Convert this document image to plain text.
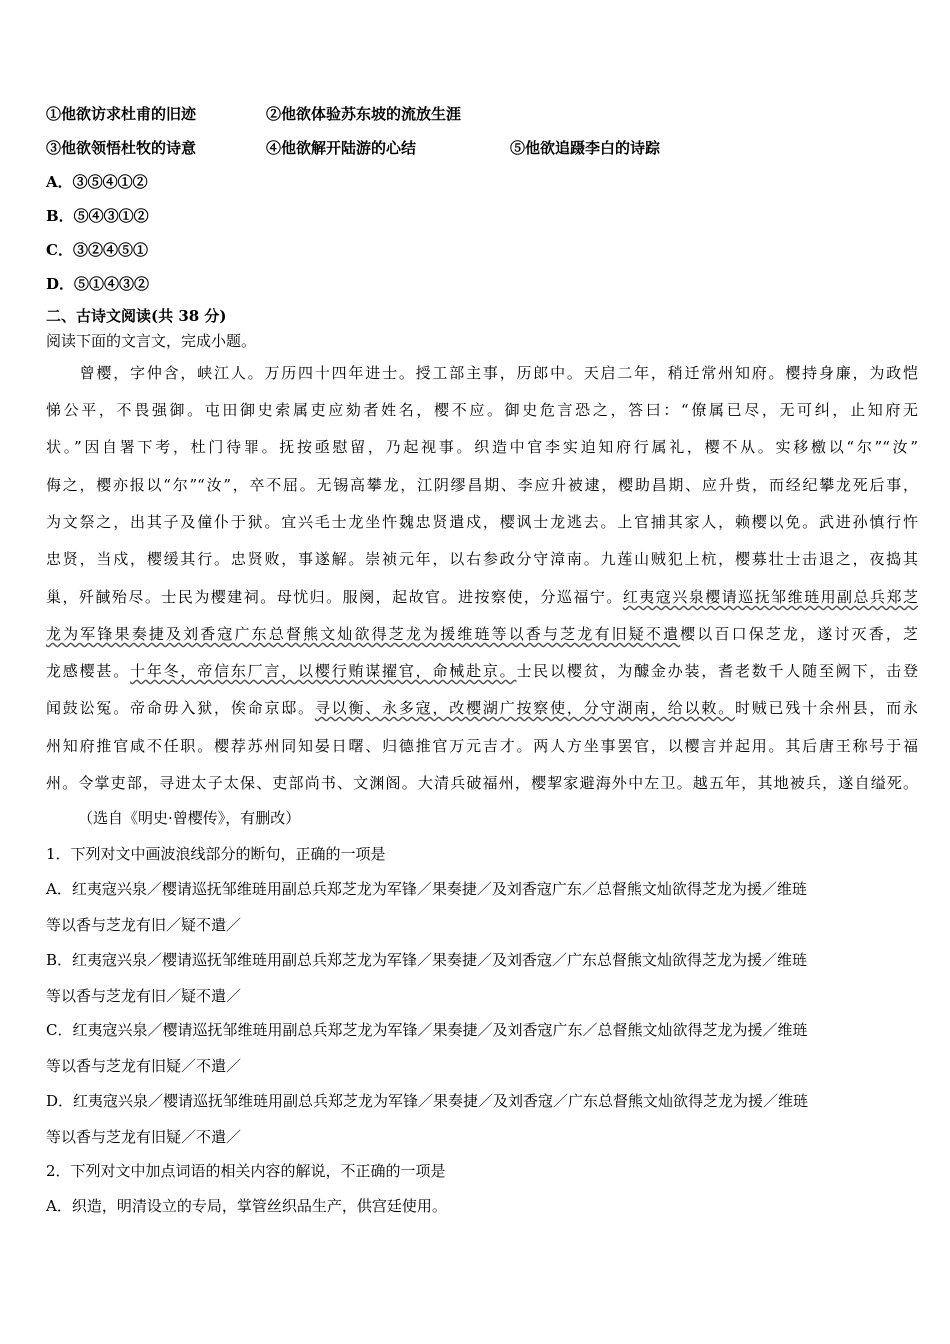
①他欲访求杜甫的旧迹	②他欲体验苏东坡的流放生涯
③他欲领悟杜牧的诗意	④他欲解开陆游的心结	⑤他欲追蹑李白的诗踪
A．③⑤④①②
B．⑤④③①②
C．③②④⑤①
D．⑤①④③②
二、古诗文阅读(共 38 分)
阅读下面的文言文，完成小题。
　　曾樱，字仲含，峡江人。万历四十四年进士。授工部主事，历郎中。天启二年，稍迁常州知府。樱持身廉，为政恺
悌公平，不畏强御。屯田御史索属吏应劾者姓名，樱不应。御史危言恐之，答曰：“僚属已尽，无可纠，止知府无
状。”因自署下考，杜门待罪。抚按亟慰留，乃起视事。织造中官李实迫知府行属礼，樱不从。实移檄以“尔”“汝”
侮之，樱亦报以“尔”“汝”，卒不屈。无锡高攀龙，江阴缪昌期、李应升被逮，樱助昌期、应升赀，而经纪攀龙死后事，
为文祭之，出其子及僮仆于狱。宜兴毛士龙坐忤魏忠贤遣戍，樱讽士龙逃去。上官捕其家人，赖樱以免。武进孙慎行忤
忠贤，当戍，樱缓其行。忠贤败，事遂解。崇祯元年，以右参政分守漳南。九莲山贼犯上杭，樱募壮士击退之，夜捣其
巢，歼馘殆尽。士民为樱建祠。母忧归。服阕，起故官。进按察使，分巡福宁。红夷寇兴泉樱请巡抚邹维琏用副总兵郑芝
龙为军锋果奏捷及刘香寇广东总督熊文灿欲得芝龙为援维琏等以香与芝龙有旧疑不遣樱以百口保芝龙，遂讨灭香，芝
龙感樱甚。十年冬，帝信东厂言，以樱行贿谋擢官，命械赴京。士民以樱贫，为醵金办装，耆老数千人随至阙下，击登
闻鼓讼冤。帝命毋入狱，俟命京邸。寻以衡、永多寇，改樱湖广按察使，分守湖南，给以敕。时贼已残十余州县，而永
州知府推官咸不任职。樱荐苏州同知晏日曙、归德推官万元吉才。两人方坐事罢官，以樱言并起用。其后唐王称号于福
州。令掌吏部，寻进太子太保、吏部尚书、文渊阁。大清兵破福州，樱挈家避海外中左卫。越五年，其地被兵，遂自缢死。
（选自《明史·曾樱传》，有删改）
1．下列对文中画波浪线部分的断句，正确的一项是
A．红夷寇兴泉／樱请巡抚邹维琏用副总兵郑芝龙为军锋／果奏捷／及刘香寇广东／总督熊文灿欲得芝龙为援／维琏
等以香与芝龙有旧／疑不遣／
B．红夷寇兴泉／樱请巡抚邹维琏用副总兵郑芝龙为军锋／果奏捷／及刘香寇／广东总督熊文灿欲得芝龙为援／维琏
等以香与芝龙有旧／疑不遣／
C．红夷寇兴泉／樱请巡抚邹维琏用副总兵郑芝龙为军锋／果奏捷／及刘香寇广东／总督熊文灿欲得芝龙为援／维琏
等以香与芝龙有旧疑／不遣／
D．红夷寇兴泉／樱请巡抚邹维琏用副总兵郑芝龙为军锋／果奏捷／及刘香寇／广东总督熊文灿欲得芝龙为援／维琏
等以香与芝龙有旧疑／不遣／
2．下列对文中加点词语的相关内容的解说，不正确的一项是
A．织造，明清设立的专局，掌管丝织品生产，供宫廷使用。
